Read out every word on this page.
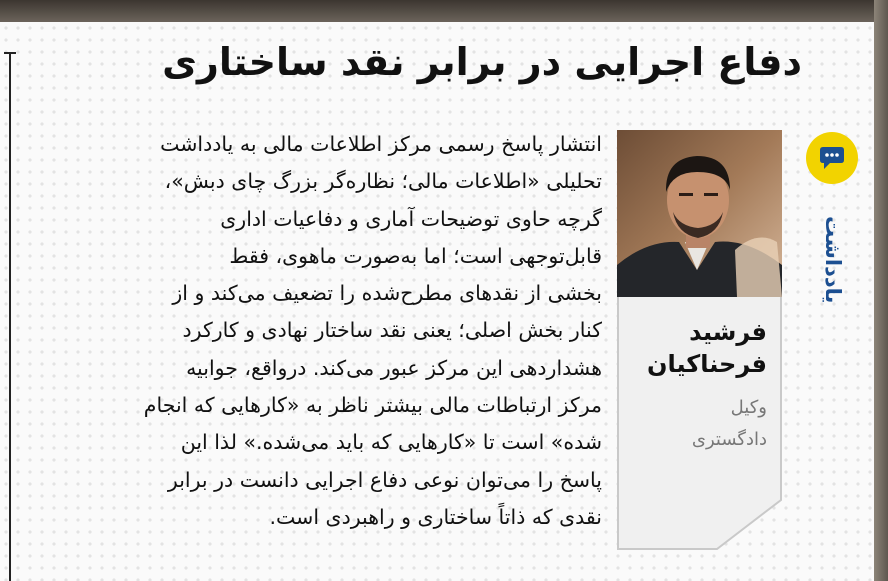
دفاع اجرایی در برابر نقد ساختاری
یادداشت
فرشید
فرحناکیان
وکیل
دادگستری
انتشار پاسخ رسمی مرکز اطلاعات مالی به یادداشت
تحلیلی «اطلاعات مالی؛ نظاره‌گر بزرگ چای دبش»،
گرچه حاوی توضیحات آماری و دفاعیات اداری
قابل‌توجهی است؛ اما به‌صورت ماهوی، فقط
بخشی از نقدهای مطرح‌شده را تضعیف می‌کند و از
کنار بخش اصلی؛ یعنی نقد ساختار نهادی و کارکرد
هشداردهی این مرکز عبور می‌کند. درواقع، جوابیه
مرکز ارتباطات مالی بیشتر ناظر به «کارهایی که انجام
شده» است تا «کارهایی که باید می‌شده.» لذا این
پاسخ را می‌توان نوعی دفاع اجرایی دانست در برابر
نقدی که ذاتاً ساختاری و راهبردی است.
